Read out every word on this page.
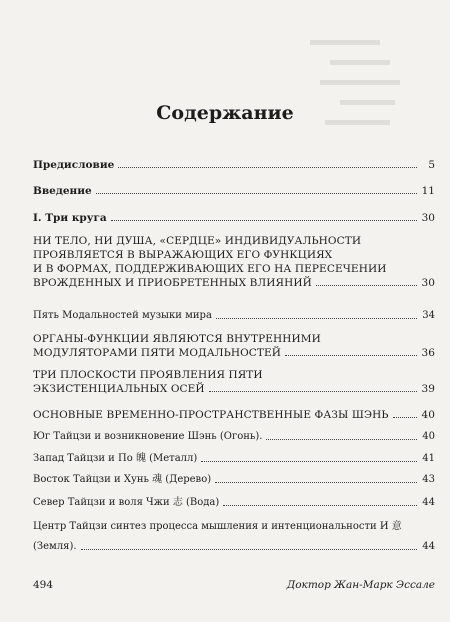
Содержание
Предисловие	5
Введение	11
I. Три круга	30
НИ ТЕЛО, НИ ДУША, «СЕРДЦЕ» ИНДИВИДУАЛЬНОСТИ
ПРОЯВЛЯЕТСЯ В ВЫРАЖАЮЩИХ ЕГО ФУНКЦИЯХ
И В ФОРМАХ, ПОДДЕРЖИВАЮЩИХ ЕГО НА ПЕРЕСЕЧЕНИИ
ВРОЖДЕННЫХ И ПРИОБРЕТЕННЫХ ВЛИЯНИЙ	30
Пять Модальностей музыки мира	34
ОРГАНЫ-ФУНКЦИИ ЯВЛЯЮТСЯ ВНУТРЕННИМИ
МОДУЛЯТОРАМИ ПЯТИ МОДАЛЬНОСТЕЙ	36
ТРИ ПЛОСКОСТИ ПРОЯВЛЕНИЯ ПЯТИ
ЭКЗИСТЕНЦИАЛЬНЫХ ОСЕЙ	39
ОСНОВНЫЕ ВРЕМЕННО-ПРОСТРАНСТВЕННЫЕ ФАЗЫ ШЭНЬ	40
Юг Тайцзи и возникновение Шэнь (Огонь).	40
Запад Тайцзи и По 魄 (Металл)	41
Восток Тайцзи и Хунь 魂 (Дерево)	43
Север Тайцзи и воля Чжи 志 (Вода)	44
Центр Тайцзи синтез процесса мышления и интенциональности И 意
(Земля).	44
494	Доктор Жан-Марк Эссале
